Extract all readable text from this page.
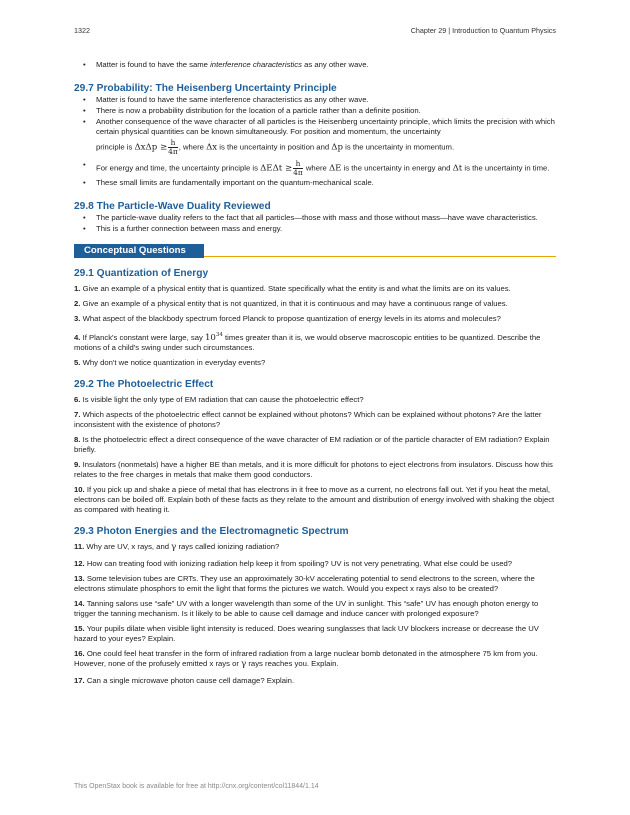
1322	Chapter 29 | Introduction to Quantum Physics
• Matter is found to have the same interference characteristics as any other wave.
29.7 Probability: The Heisenberg Uncertainty Principle
• Matter is found to have the same interference characteristics as any other wave.
• There is now a probability distribution for the location of a particle rather than a definite position.
• Another consequence of the wave character of all particles is the Heisenberg uncertainty principle, which limits the precision with which certain physical quantities can be known simultaneously. For position and momentum, the uncertainty
principle is $\Delta x\Delta p \ge \frac{h}{4\pi}$ , where Δx is the uncertainty in position and Δp is the uncertainty in momentum.
• For energy and time, the uncertainty principle is $\Delta E\Delta t \ge \frac{h}{4\pi}$ where ΔE is the uncertainty in energy and Δt is the uncertainty in time.
• These small limits are fundamentally important on the quantum-mechanical scale.
29.8 The Particle-Wave Duality Reviewed
• The particle-wave duality refers to the fact that all particles—those with mass and those without mass—have wave characteristics.
• This is a further connection between mass and energy.
Conceptual Questions
29.1 Quantization of Energy

1. Give an example of a physical entity that is quantized. State specifically what the entity is and what the limits are on its values.

2. Give an example of a physical entity that is not quantized, in that it is continuous and may have a continuous range of values.

3. What aspect of the blackbody spectrum forced Planck to propose quantization of energy levels in its atoms and molecules?

4. If Planck's constant were large, say $10^{34}$ times greater than it is, we would observe macroscopic entities to be quantized. Describe the motions of a child's swing under such circumstances.

5. Why don't we notice quantization in everyday events?

29.2 The Photoelectric Effect

6. Is visible light the only type of EM radiation that can cause the photoelectric effect?

7. Which aspects of the photoelectric effect cannot be explained without photons? Which can be explained without photons? Are the latter inconsistent with the existence of photons?

8. Is the photoelectric effect a direct consequence of the wave character of EM radiation or of the particle character of EM radiation? Explain briefly.

9. Insulators (nonmetals) have a higher BE than metals, and it is more difficult for photons to eject electrons from insulators. Discuss how this relates to the free charges in metals that make them good conductors.

10. If you pick up and shake a piece of metal that has electrons in it free to move as a current, no electrons fall out. Yet if you heat the metal, electrons can be boiled off. Explain both of these facts as they relate to the amount and distribution of energy involved with shaking the object as compared with heating it.

29.3 Photon Energies and the Electromagnetic Spectrum

11. Why are UV, x rays, and γ rays called ionizing radiation?

12. How can treating food with ionizing radiation help keep it from spoiling? UV is not very penetrating. What else could be used?

13. Some television tubes are CRTs. They use an approximately 30-kV accelerating potential to send electrons to the screen, where the electrons stimulate phosphors to emit the light that forms the pictures we watch. Would you expect x rays also to be created?

14. Tanning salons use “safe” UV with a longer wavelength than some of the UV in sunlight. This “safe” UV has enough photon energy to trigger the tanning mechanism. Is it likely to be able to cause cell damage and induce cancer with prolonged exposure?

15. Your pupils dilate when visible light intensity is reduced. Does wearing sunglasses that lack UV blockers increase or decrease the UV hazard to your eyes? Explain.

16. One could feel heat transfer in the form of infrared radiation from a large nuclear bomb detonated in the atmosphere 75 km from you. However, none of the profusely emitted x rays or γ rays reaches you. Explain.

17. Can a single microwave photon cause cell damage? Explain.

This OpenStax book is available for free at http://cnx.org/content/col11844/1.14
